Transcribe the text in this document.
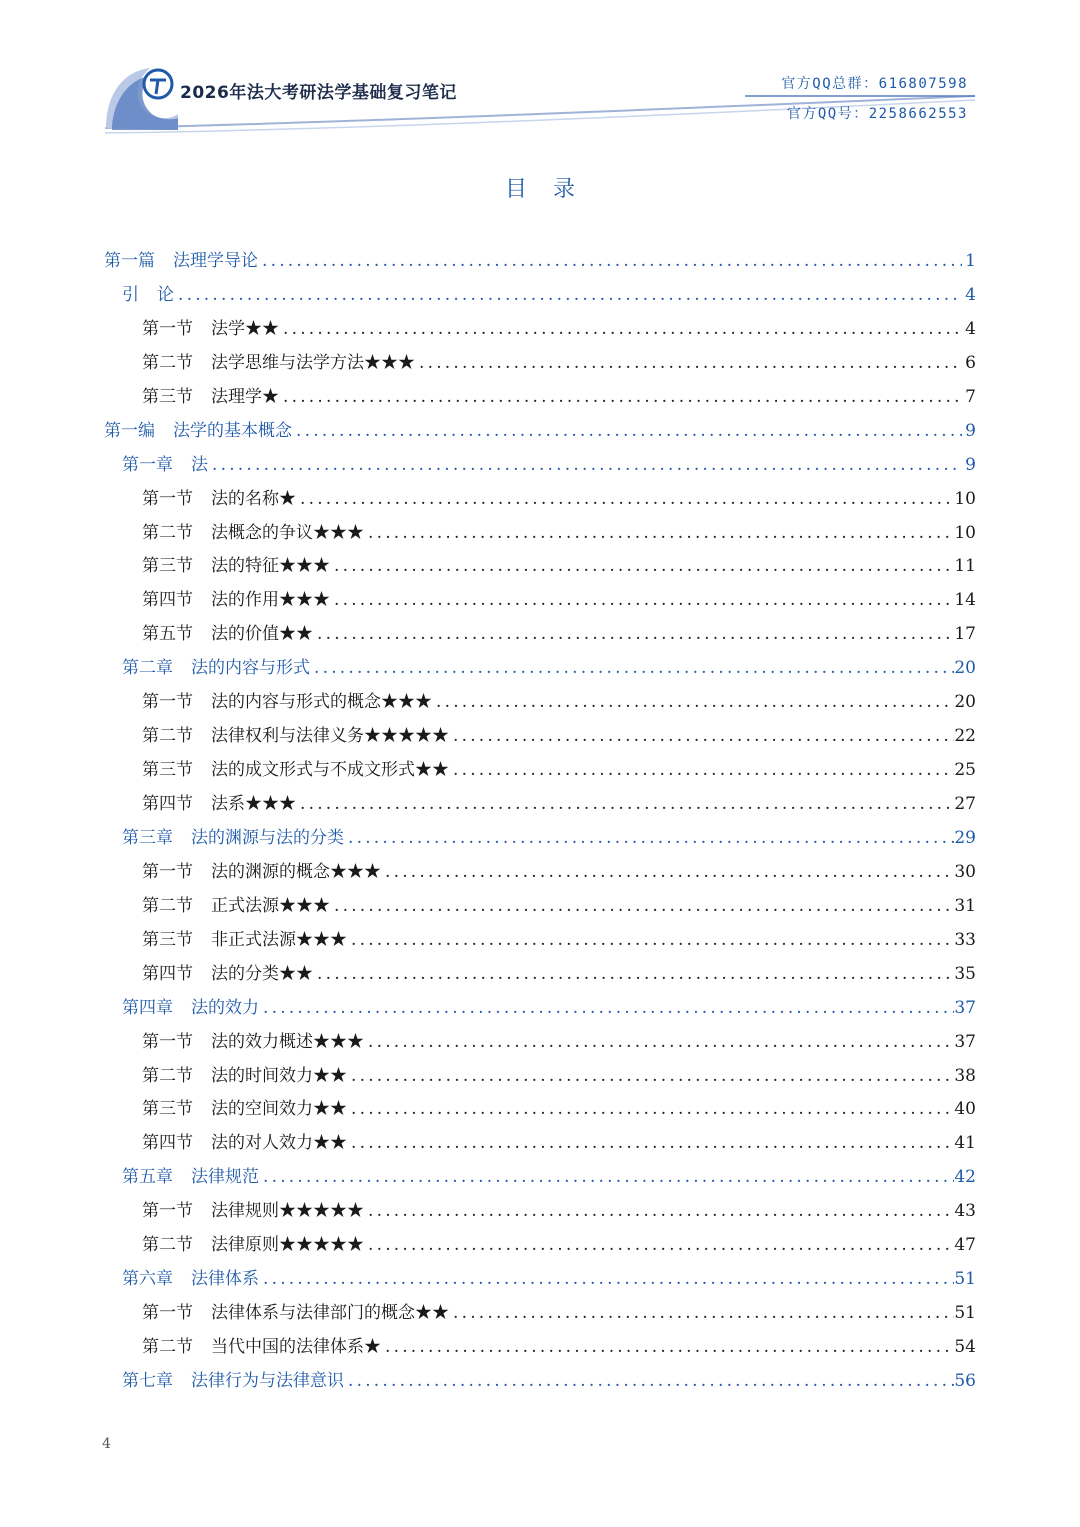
2026年法大考研法学基础复习笔记	官方QQ总群：616807598
官方QQ号：2258662553
目录
第一篇 法理学导论 .....	1
引 论 .....	4
第一节 法学★★ .....	4
第二节 法学思维与法学方法★★★ .....	6
第三节 法理学★ .....	7
第一编 法学的基本概念 .....	9
第一章 法 .....	9
第一节 法的名称★ .....	10
第二节 法概念的争议★★★ .....	10
第三节 法的特征★★★ .....	11
第四节 法的作用★★★ .....	14
第五节 法的价值★★ .....	17
第二章 法的内容与形式 .....	20
第一节 法的内容与形式的概念★★★ .....	20
第二节 法律权利与法律义务★★★★★ .....	22
第三节 法的成文形式与不成文形式★★ .....	25
第四节 法系★★★ .....	27
第三章 法的渊源与法的分类 .....	29
第一节 法的渊源的概念★★★ .....	30
第二节 正式法源★★★ .....	31
第三节 非正式法源★★★ .....	33
第四节 法的分类★★ .....	35
第四章 法的效力 .....	37
第一节 法的效力概述★★★ .....	37
第二节 法的时间效力★★ .....	38
第三节 法的空间效力★★ .....	40
第四节 法的对人效力★★ .....	41
第五章 法律规范 .....	42
第一节 法律规则★★★★★ .....	43
第二节 法律原则★★★★★ .....	47
第六章 法律体系 .....	51
第一节 法律体系与法律部门的概念★★ .....	51
第二节 当代中国的法律体系★ .....	54
第七章 法律行为与法律意识 .....	56
4
